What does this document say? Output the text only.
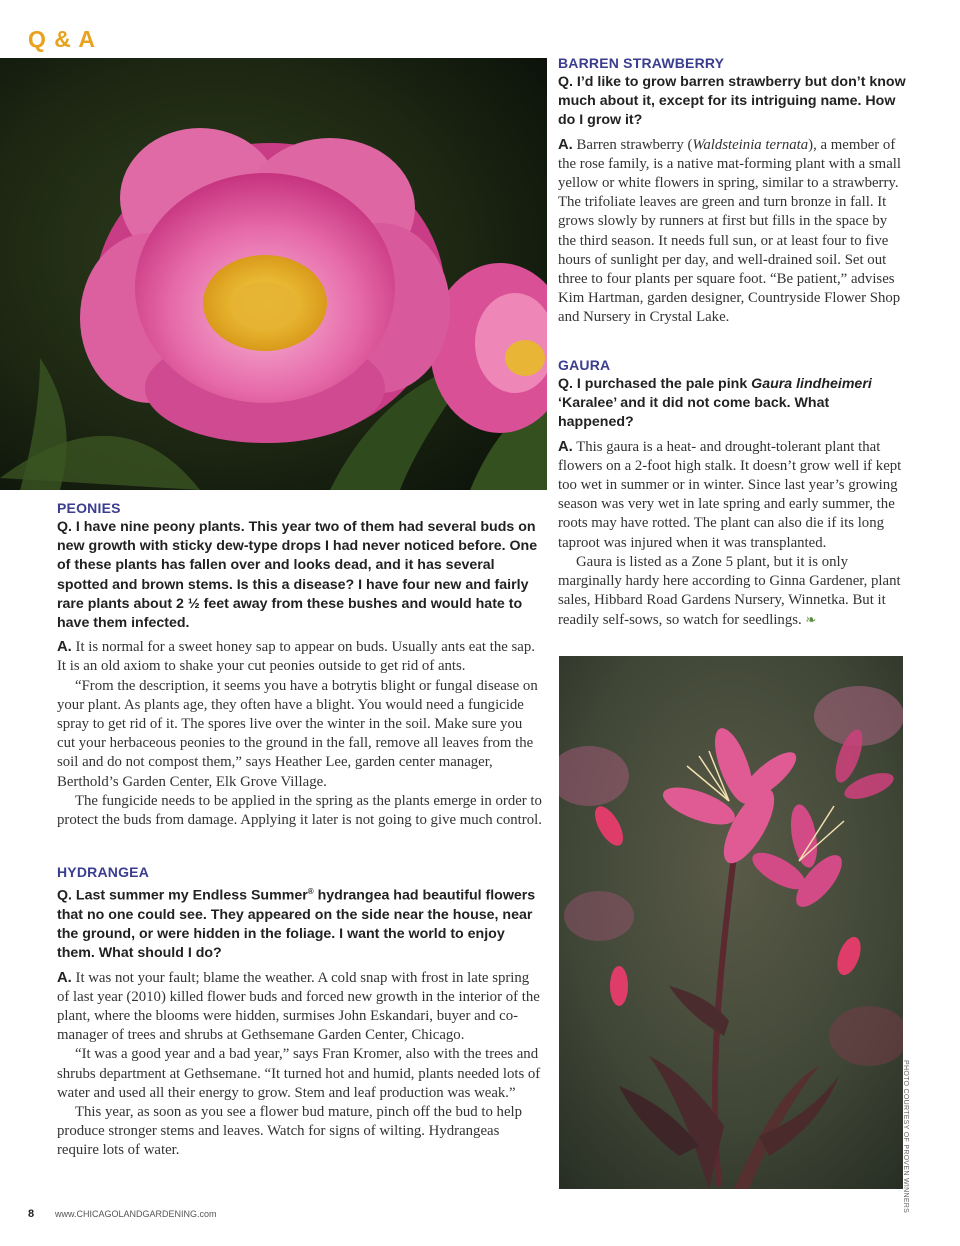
Q & A

PEONIES

Q. I have nine peony plants. This year two of them had several buds on new growth with sticky dew-type drops I had never noticed before. One of these plants has fallen over and looks dead, and it has several spotted and brown stems. Is this a disease? I have four new and fairly rare plants about 2 ½ feet away from these bushes and would hate to have them infected.

A. It is normal for a sweet honey sap to appear on buds. Usually ants eat the sap. It is an old axiom to shake your cut peonies outside to get rid of ants.

“From the description, it seems you have a botrytis blight or fungal disease on your plant. As plants age, they often have a blight. You would need a fungicide spray to get rid of it. The spores live over the winter in the soil. Make sure you cut your herbaceous peonies to the ground in the fall, remove all leaves from the soil and do not compost them,” says Heather Lee, garden center manager, Berthold’s Garden Center, Elk Grove Village.

The fungicide needs to be applied in the spring as the plants emerge in order to protect the buds from damage. Applying it later is not going to give much control.

HYDRANGEA

Q. Last summer my Endless Summer® hydrangea had beautiful flowers that no one could see. They appeared on the side near the house, near the ground, or were hidden in the foliage. I want the world to enjoy them. What should I do?

A. It was not your fault; blame the weather. A cold snap with frost in late spring of last year (2010) killed flower buds and forced new growth in the interior of the plant, where the blooms were hidden, surmises John Eskandari, buyer and co-manager of trees and shrubs at Gethsemane Garden Center, Chicago.

“It was a good year and a bad year,” says Fran Kromer, also with the trees and shrubs department at Gethsemane. “It turned hot and humid, plants needed lots of water and used all their energy to grow. Stem and leaf production was weak.”

This year, as soon as you see a flower bud mature, pinch off the bud to help produce stronger stems and leaves. Watch for signs of wilting. Hydrangeas require lots of water.

BARREN STRAWBERRY

Q. I’d like to grow barren strawberry but don’t know much about it, except for its intriguing name. How do I grow it?

A. Barren strawberry (Waldsteinia ternata), a member of the rose family, is a native mat-forming plant with a small yellow or white flowers in spring, similar to a strawberry. The trifoliate leaves are green and turn bronze in fall. It grows slowly by runners at first but fills in the space by the third season. It needs full sun, or at least four to five hours of sunlight per day, and well-drained soil. Set out three to four plants per square foot. “Be patient,” advises Kim Hartman, garden designer, Countryside Flower Shop and Nursery in Crystal Lake.

GAURA

Q. I purchased the pale pink Gaura lindheimeri ‘Karalee’ and it did not come back. What happened?

A. This gaura is a heat- and drought-tolerant plant that flowers on a 2-foot high stalk. It doesn’t grow well if kept too wet in summer or in winter. Since last year’s growing season was very wet in late spring and early summer, the roots may have rotted. The plant can also die if its long taproot was injured when it was transplanted.

Gaura is listed as a Zone 5 plant, but it is only marginally hardy here according to Ginna Gardener, plant sales, Hibbard Road Gardens Nursery, Winnetka. But it readily self-sows, so watch for seedlings. ❧

PHOTO COURTESY OF PROVEN WINNERS
8 www.CHICAGOLANDGARDENING.com
